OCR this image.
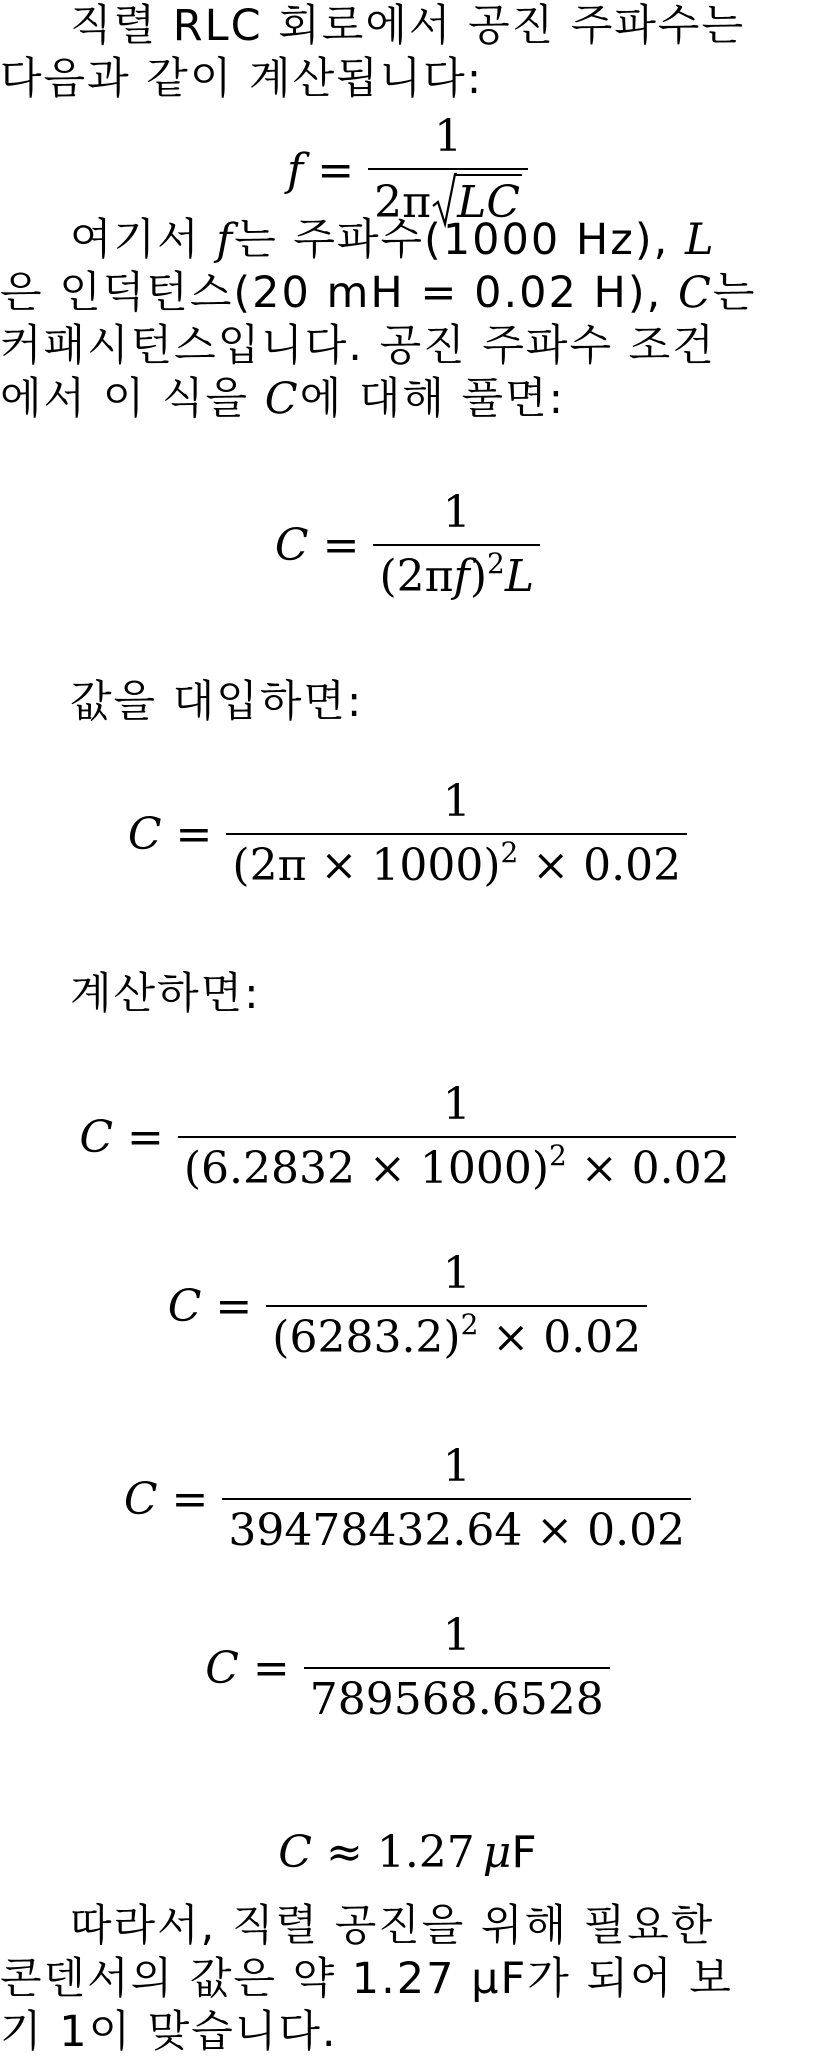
직렬 RLC 회로에서 공진 주파수는
다음과 같이 계산됩니다:
$f = \frac{1}{\text{2π LC}}$
여기서 f는 주파수(1000 Hz), L
은 인덕턴스(20 mH = 0.02 H), C는
커패시턴스입니다. 공진 주파수 조건
에서 이 식을 C에 대해 풀면:
$C = \frac{1}{(2\pi f)^2L}$
값을 대입하면:
$C = \frac{1}{(2\pi \times 1000)^2 \times 0.02}$
계산하면:
$C = \frac{1}{(6.2832 \times 1000)^2 \times 0.02}$
$C = \frac{1}{(6283.2)^2 \times 0.02}$
$C = \frac{1}{39478432.64 \times 0.02}$
$C = \frac{1}{789568.6528}$
C ≈ 1.27 μ F
따라서, 직렬 공진을 위해 필요한
콘덴서의 값은 약 1.27 μF가 되어 보
기 1이 맞습니다.
